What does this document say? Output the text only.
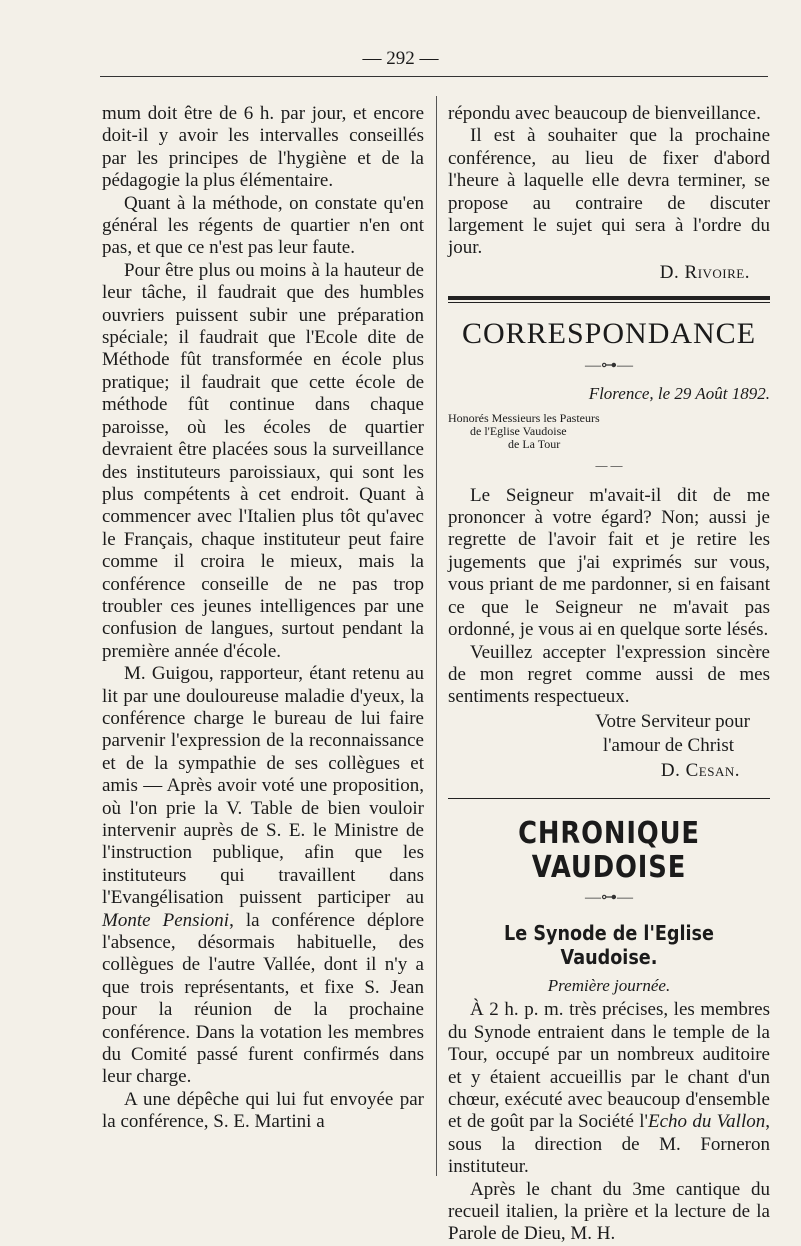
— 292 —

mum doit être de 6 h. par jour, et encore doit-il y avoir les intervalles conseillés par les principes de l'hygiène et de la pédagogie la plus élémentaire.

Quant à la méthode, on constate qu'en général les régents de quartier n'en ont pas, et que ce n'est pas leur faute.

Pour être plus ou moins à la hauteur de leur tâche, il faudrait que des humbles ouvriers puissent subir une préparation spéciale; il faudrait que l'Ecole dite de Méthode fût transformée en école plus pratique; il faudrait que cette école de méthode fût continue dans chaque paroisse, où les écoles de quartier devraient être placées sous la surveillance des instituteurs paroissiaux, qui sont les plus compétents à cet endroit. Quant à commencer avec l'Italien plus tôt qu'avec le Français, chaque instituteur peut faire comme il croira le mieux, mais la conférence conseille de ne pas trop troubler ces jeunes intelligences par une confusion de langues, surtout pendant la première année d'école.

M. Guigou, rapporteur, étant retenu au lit par une douloureuse maladie d'yeux, la conférence charge le bureau de lui faire parvenir l'expression de la reconnaissance et de la sympathie de ses collègues et amis — Après avoir voté une proposition, où l'on prie la V. Table de bien vouloir intervenir auprès de S. E. le Ministre de l'instruction publique, afin que les instituteurs qui travaillent dans l'Evangélisation puissent participer au Monte Pensioni, la conférence déplore l'absence, désormais habituelle, des collègues de l'autre Vallée, dont il n'y a que trois représentants, et fixe S. Jean pour la réunion de la prochaine conférence. Dans la votation les membres du Comité passé furent confirmés dans leur charge.

A une dépêche qui lui fut envoyée par la conférence, S. E. Martini a

répondu avec beaucoup de bienveillance.

Il est à souhaiter que la prochaine conférence, au lieu de fixer d'abord l'heure à laquelle elle devra terminer, se propose au contraire de discuter largement le sujet qui sera à l'ordre du jour.

D. Rivoire.

CORRESPONDANCE

—⊶—

Florence, le 29 Août 1892.

Honorés Messieurs les Pasteurs
de l'Eglise Vaudoise
de La Tour

— —

Le Seigneur m'avait-il dit de me prononcer à votre égard? Non; aussi je regrette de l'avoir fait et je retire les jugements que j'ai exprimés sur vous, vous priant de me pardonner, si en faisant ce que le Seigneur ne m'avait pas ordonné, je vous ai en quelque sorte lésés.

Veuillez accepter l'expression sincère de mon regret comme aussi de mes sentiments respectueux.

Votre Serviteur pour

l'amour de Christ

D. Cesan.

CHRONIQUE VAUDOISE

—⊶—

Le Synode de l'Eglise Vaudoise.

Première journée.

À 2 h. p. m. très précises, les membres du Synode entraient dans le temple de la Tour, occupé par un nombreux auditoire et y étaient accueillis par le chant d'un chœur, exécuté avec beaucoup d'ensemble et de goût par la Société l'Echo du Vallon, sous la direction de M. Forneron instituteur.

Après le chant du 3me cantique du recueil italien, la prière et la lecture de la Parole de Dieu, M. H.
